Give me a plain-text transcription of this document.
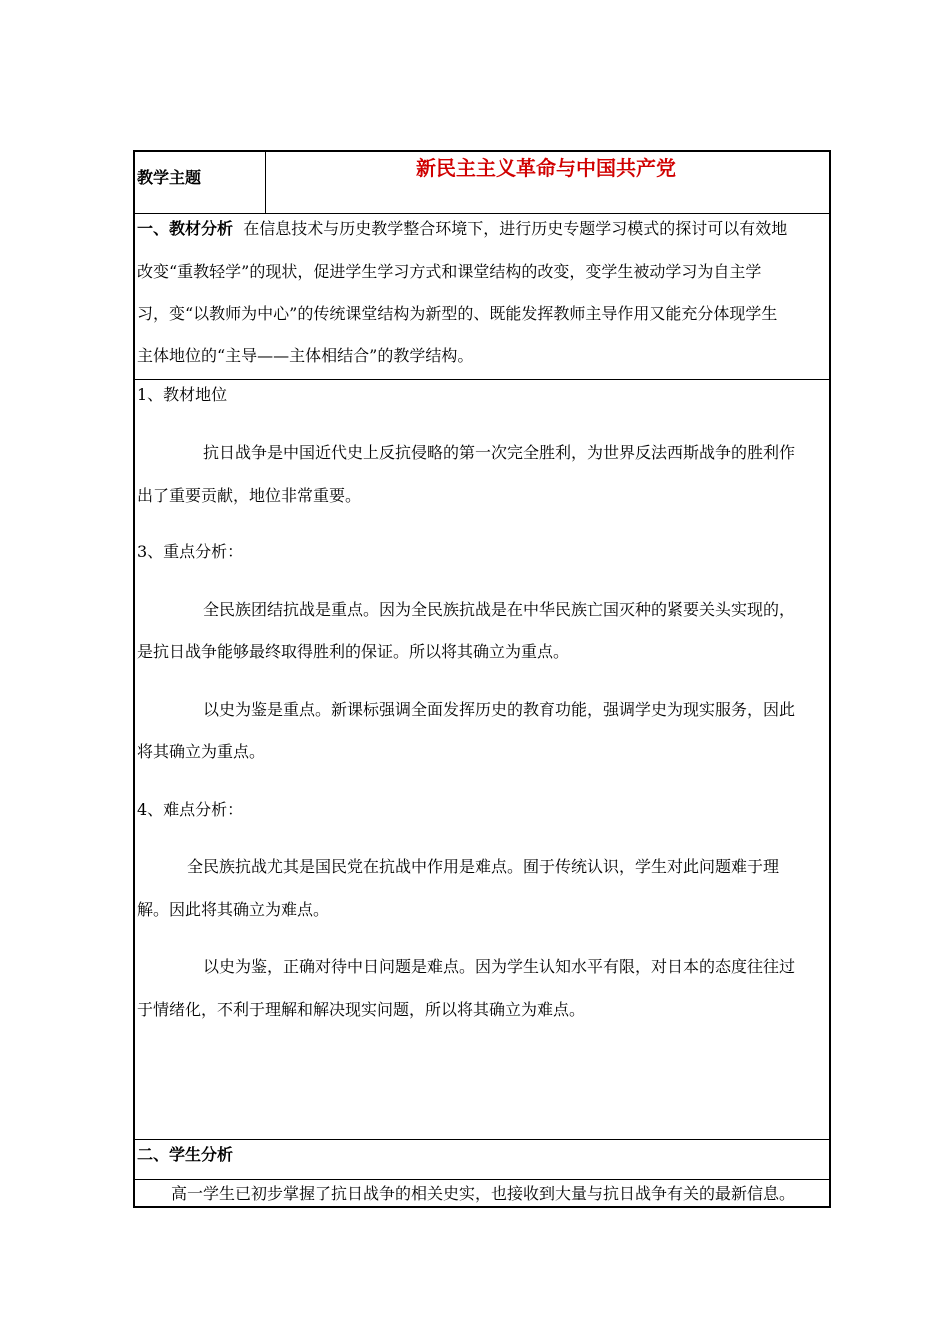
教学主题	新民主主义革命与中国共产党
一、教材分析 在信息技术与历史教学整合环境下，进行历史专题学习模式的探讨可以有效地
改变“重教轻学”的现状，促进学生学习方式和课堂结构的改变，变学生被动学习为自主学
习，变“以教师为中心”的传统课堂结构为新型的、既能发挥教师主导作用又能充分体现学生
主体地位的“主导——主体相结合”的教学结构。
1、教材地位
抗日战争是中国近代史上反抗侵略的第一次完全胜利，为世界反法西斯战争的胜利作
出了重要贡献，地位非常重要。
3、重点分析：
全民族团结抗战是重点。因为全民族抗战是在中华民族亡国灭种的紧要关头实现的，
是抗日战争能够最终取得胜利的保证。所以将其确立为重点。
以史为鉴是重点。新课标强调全面发挥历史的教育功能，强调学史为现实服务，因此
将其确立为重点。
4、难点分析：
全民族抗战尤其是国民党在抗战中作用是难点。囿于传统认识，学生对此问题难于理
解。因此将其确立为难点。
以史为鉴，正确对待中日问题是难点。因为学生认知水平有限，对日本的态度往往过
于情绪化，不利于理解和解决现实问题，所以将其确立为难点。
二、学生分析
高一学生已初步掌握了抗日战争的相关史实，也接收到大量与抗日战争有关的最新信息。
